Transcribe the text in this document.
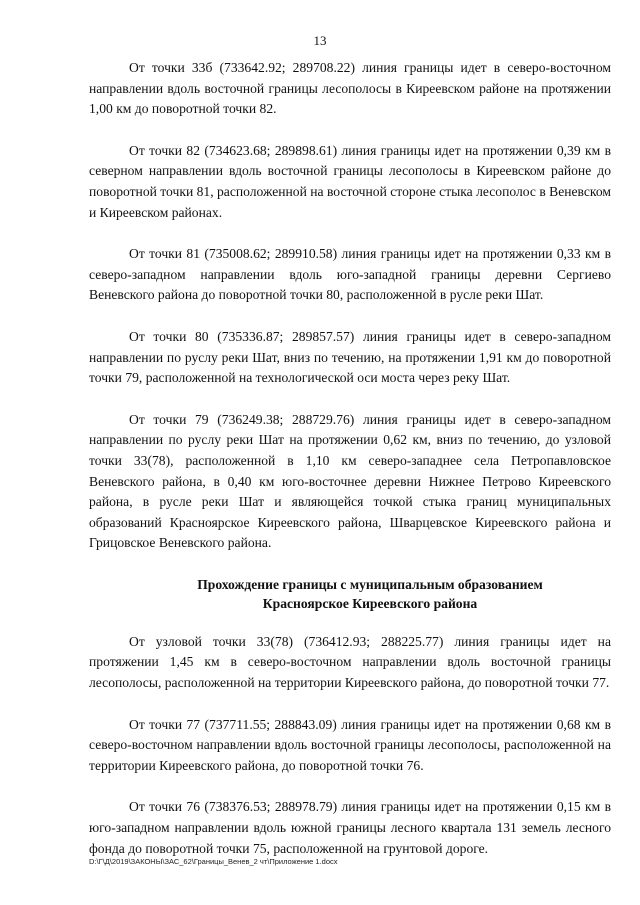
13

От точки 33б (733642.92; 289708.22) линия границы идет в северо-восточном направлении вдоль восточной границы лесополосы в Киреевском районе на протяжении 1,00 км до поворотной точки 82.

От точки 82 (734623.68; 289898.61) линия границы идет на протяжении 0,39 км в северном направлении вдоль восточной границы лесополосы в Киреевском районе до поворотной точки 81, расположенной на восточной стороне стыка лесополос в Веневском и Киреевском районах.

От точки 81 (735008.62; 289910.58) линия границы идет на протяжении 0,33 км в северо-западном направлении вдоль юго-западной границы деревни Сергиево Веневского района до поворотной точки 80, расположенной в русле реки Шат.

От точки 80 (735336.87; 289857.57) линия границы идет в северо-западном направлении по руслу реки Шат, вниз по течению, на протяжении 1,91 км до поворотной точки 79, расположенной на технологической оси моста через реку Шат.

От точки 79 (736249.38; 288729.76) линия границы идет в северо-западном направлении по руслу реки Шат на протяжении 0,62 км, вниз по течению, до узловой точки 33(78), расположенной в 1,10 км северо-западнее села Петропавловское Веневского района, в 0,40 км юго-восточнее деревни Нижнее Петрово Киреевского района, в русле реки Шат и являющейся точкой стыка границ муниципальных образований Красноярское Киреевского района, Шварцевское Киреевского района и Грицовское Веневского района.

Прохождение границы с муниципальным образованием
Красноярское Киреевского района

От узловой точки 33(78) (736412.93; 288225.77) линия границы идет на протяжении 1,45 км в северо-восточном направлении вдоль восточной границы лесополосы, расположенной на территории Киреевского района, до поворотной точки 77.

От точки 77 (737711.55; 288843.09) линия границы идет на протяжении 0,68 км в северо-восточном направлении вдоль восточной границы лесополосы, расположенной на территории Киреевского района, до поворотной точки 76.

От точки 76 (738376.53; 288978.79) линия границы идет на протяжении 0,15 км в юго-западном направлении вдоль южной границы лесного квартала 131 земель лесного фонда до поворотной точки 75, расположенной на грунтовой дороге.

D:\Г\Д\2019\ЗАКОНЫ\ЗАС_62\Границы_Венев_2 чт\Приложение 1.docx
